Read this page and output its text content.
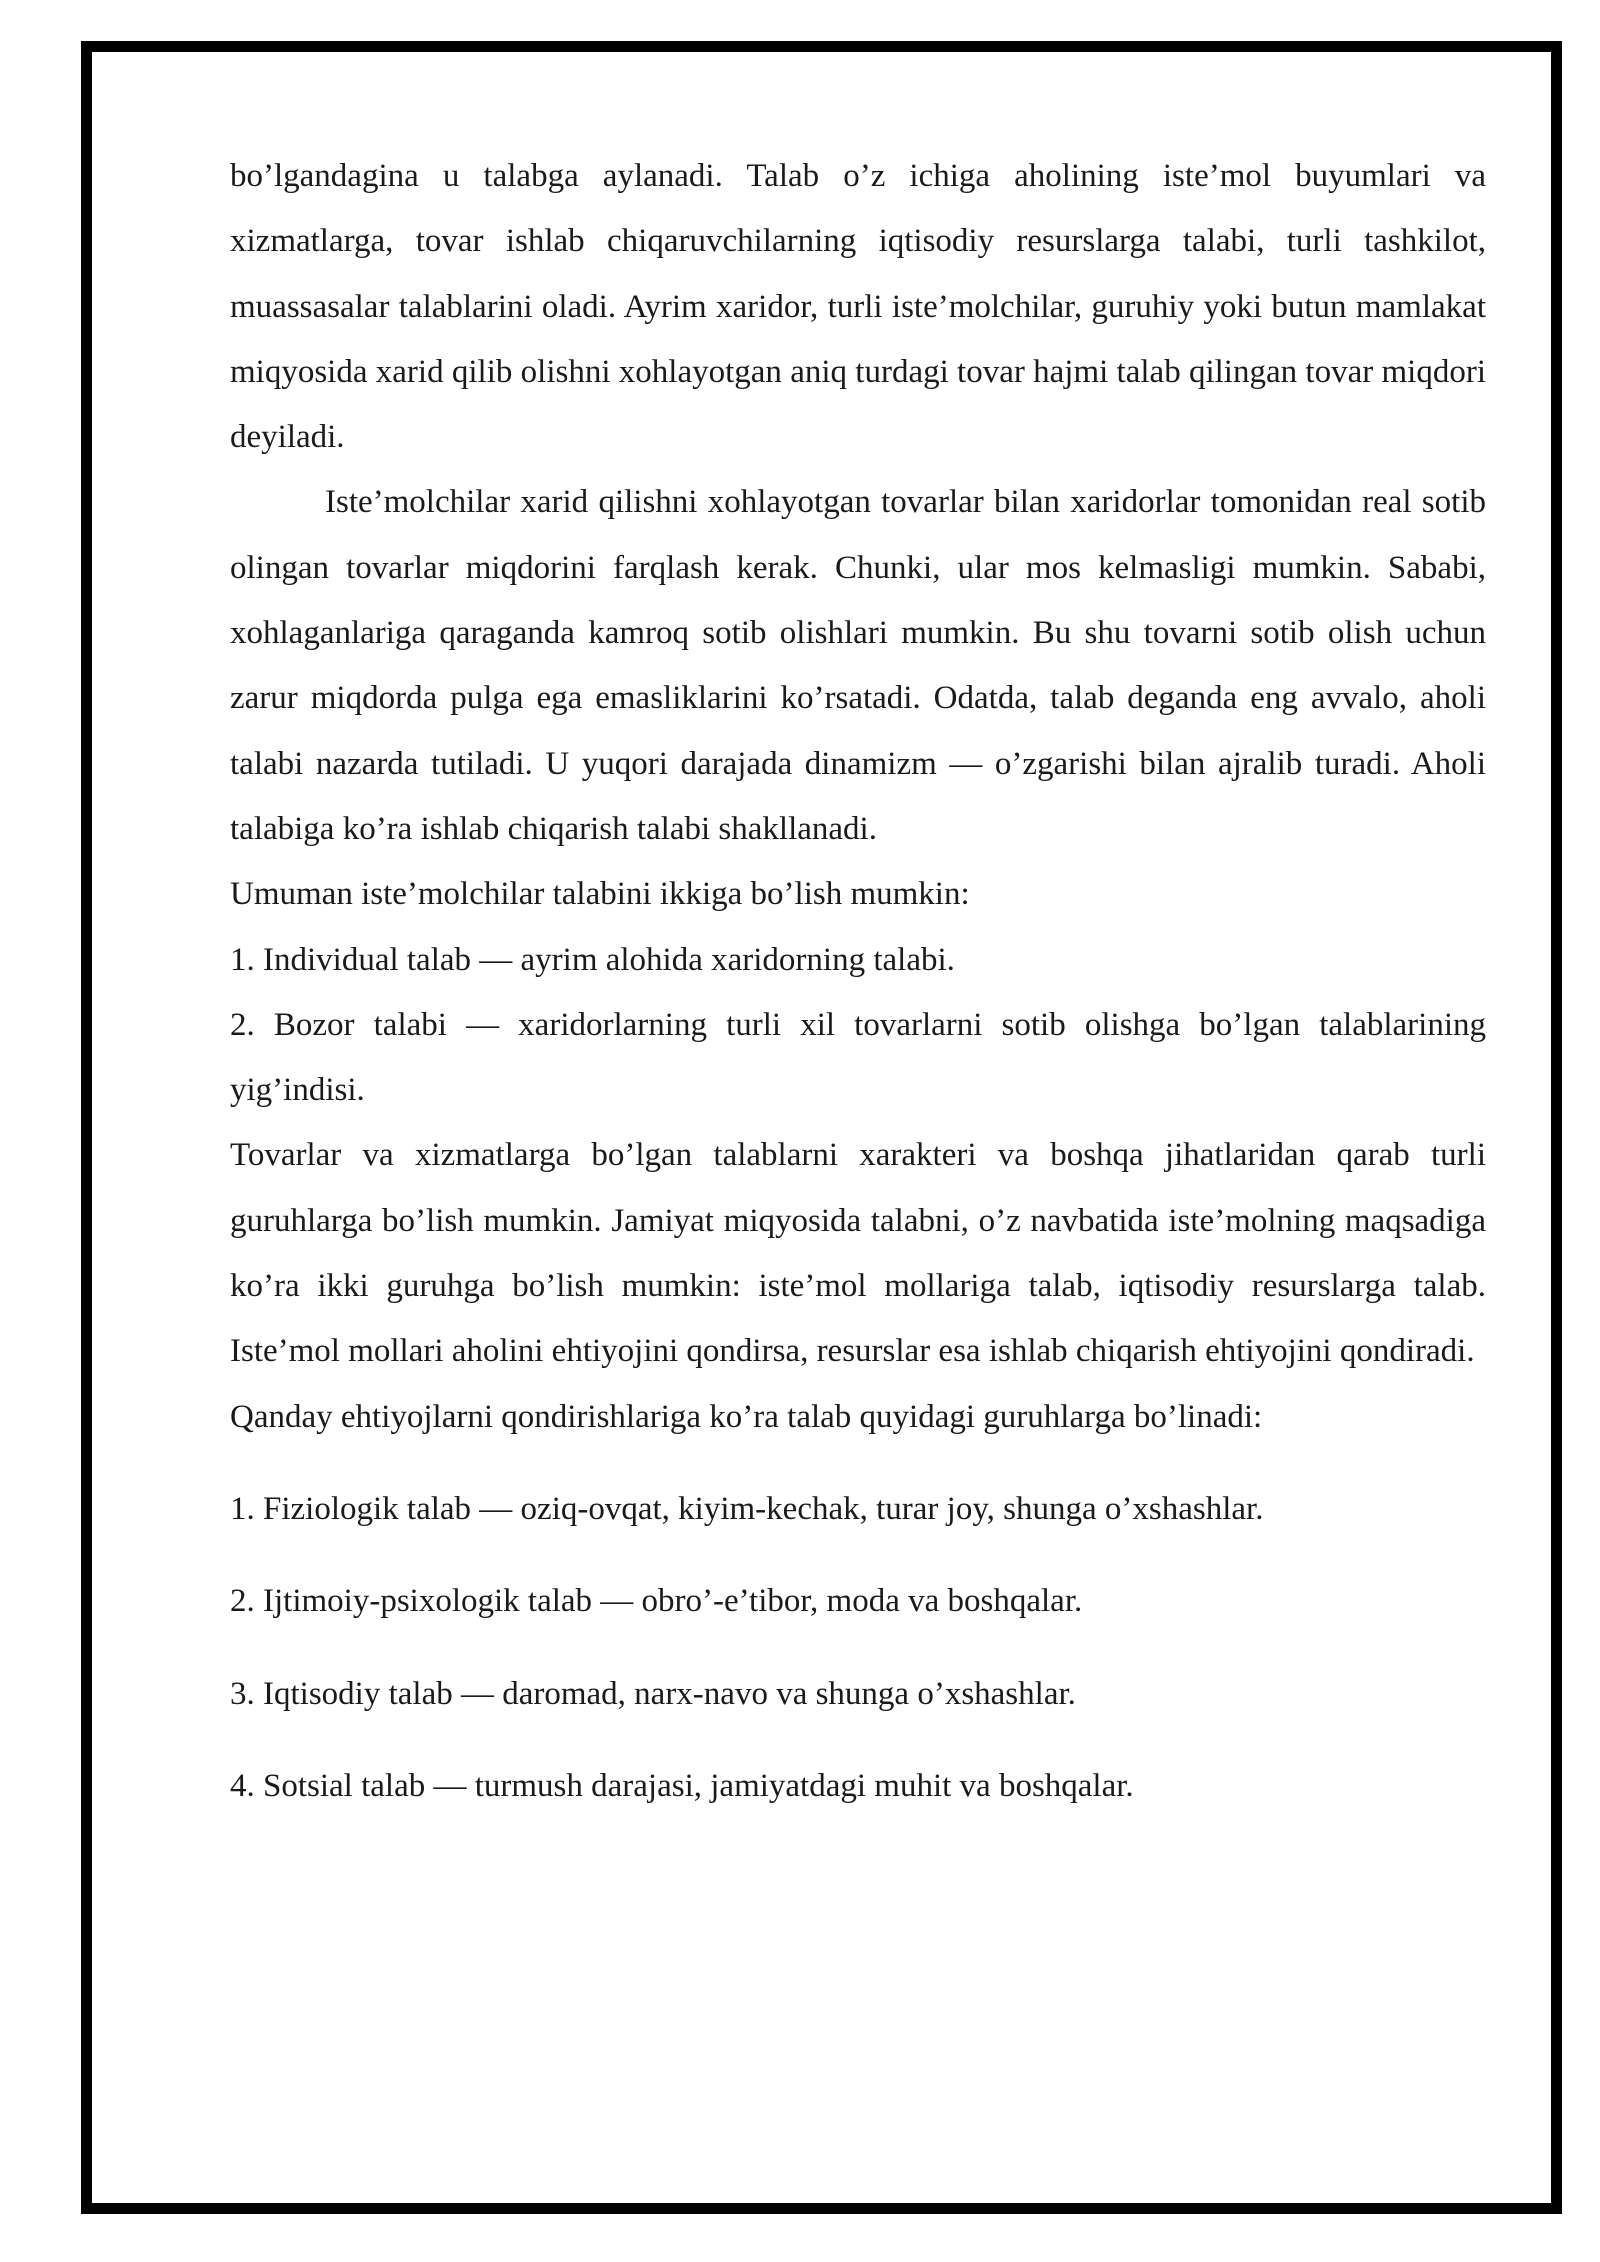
bo’lgandagina u talabga aylanadi. Talab o’z ichiga aholining iste’mol buyumlari va xizmatlarga, tovar ishlab chiqaruvchilarning iqtisodiy resurslarga talabi, turli tashkilot, muassasalar talablarini oladi. Ayrim xaridor, turli iste’molchilar, guruhiy yoki butun mamlakat miqyosida xarid qilib olishni xohlayotgan aniq turdagi tovar hajmi talab qilingan tovar miqdori deyiladi.

Iste’molchilar xarid qilishni xohlayotgan tovarlar bilan xaridorlar tomonidan real sotib olingan tovarlar miqdorini farqlash kerak. Chunki, ular mos kelmasligi mumkin. Sababi, xohlaganlariga qaraganda kamroq sotib olishlari mumkin. Bu shu tovarni sotib olish uchun zarur miqdorda pulga ega emasliklarini ko’rsatadi. Odatda, talab deganda eng avvalo, aholi talabi nazarda tutiladi. U yuqori darajada dinamizm — o’zgarishi bilan ajralib turadi. Aholi talabiga ko’ra ishlab chiqarish talabi shakllanadi.

Umuman iste’molchilar talabini ikkiga bo’lish mumkin:

1. Individual talab — ayrim alohida xaridorning talabi.

2. Bozor talabi — xaridorlarning turli xil tovarlarni sotib olishga bo’lgan talablarining yig’indisi.

Tovarlar va xizmatlarga bo’lgan talablarni xarakteri va boshqa jihatlaridan qarab turli guruhlarga bo’lish mumkin. Jamiyat miqyosida talabni, o’z navbatida iste’molning maqsadiga ko’ra ikki guruhga bo’lish mumkin: iste’mol mollariga talab, iqtisodiy resurslarga talab. Iste’mol mollari aholini ehtiyojini qondirsa, resurslar esa ishlab chiqarish ehtiyojini qondiradi.

Qanday ehtiyojlarni qondirishlariga ko’ra talab quyidagi guruhlarga bo’linadi:

1. Fiziologik talab — oziq-ovqat, kiyim-kechak, turar joy, shunga o’xshashlar.

2. Ijtimoiy-psixologik talab — obro’-e’tibor, moda va boshqalar.

3. Iqtisodiy talab — daromad, narx-navo va shunga o’xshashlar.

4. Sotsial talab — turmush darajasi, jamiyatdagi muhit va boshqalar.
